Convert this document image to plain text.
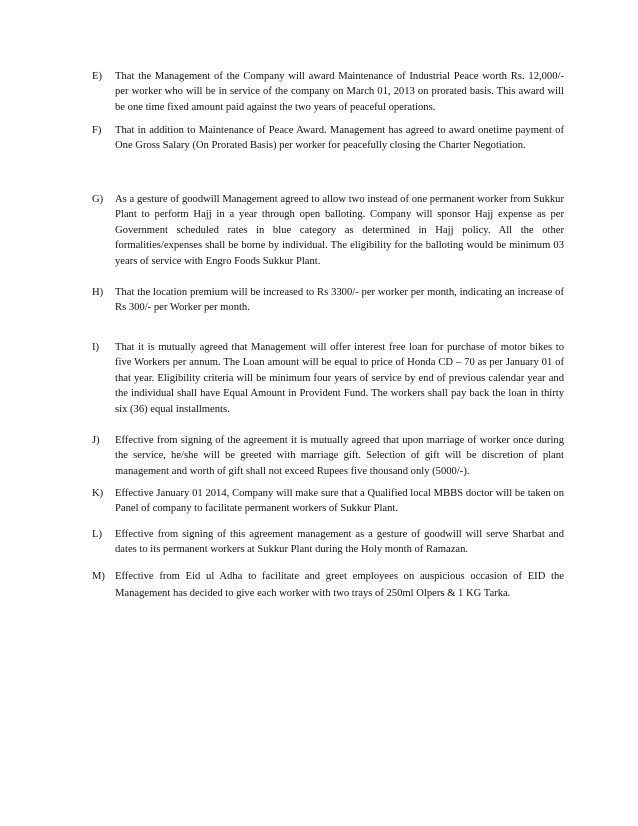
E) That the Management of the Company will award Maintenance of Industrial Peace worth Rs. 12,000/- per worker who will be in service of the company on March 01, 2013 on prorated basis. This award will be one time fixed amount paid against the two years of peaceful operations.
F) That in addition to Maintenance of Peace Award. Management has agreed to award onetime payment of One Gross Salary (On Prorated Basis) per worker for peacefully closing the Charter Negotiation.
G) As a gesture of goodwill Management agreed to allow two instead of one permanent worker from Sukkur Plant to perform Hajj in a year through open balloting. Company will sponsor Hajj expense as per Government scheduled rates in blue category as determined in Hajj policy. All the other formalities/expenses shall be borne by individual. The eligibility for the balloting would be minimum 03 years of service with Engro Foods Sukkur Plant.
H) That the location premium will be increased to Rs 3300/- per worker per month, indicating an increase of Rs 300/- per Worker per month.
I) That it is mutually agreed that Management will offer interest free loan for purchase of motor bikes to five Workers per annum. The Loan amount will be equal to price of Honda CD – 70 as per January 01 of that year. Eligibility criteria will be minimum four years of service by end of previous calendar year and the individual shall have Equal Amount in Provident Fund. The workers shall pay back the loan in thirty six (36) equal installments.
J) Effective from signing of the agreement it is mutually agreed that upon marriage of worker once during the service, he/she will be greeted with marriage gift. Selection of gift will be discretion of plant management and worth of gift shall not exceed Rupees five thousand only (5000/-).
K) Effective January 01 2014, Company will make sure that a Qualified local MBBS doctor will be taken on Panel of company to facilitate permanent workers of Sukkur Plant.
L) Effective from signing of this agreement management as a gesture of goodwill will serve Sharbat and dates to its permanent workers at Sukkur Plant during the Holy month of Ramazan.
M) Effective from Eid ul Adha to facilitate and greet employees on auspicious occasion of EID the Management has decided to give each worker with two trays of 250ml Olpers & 1 KG Tarka.
